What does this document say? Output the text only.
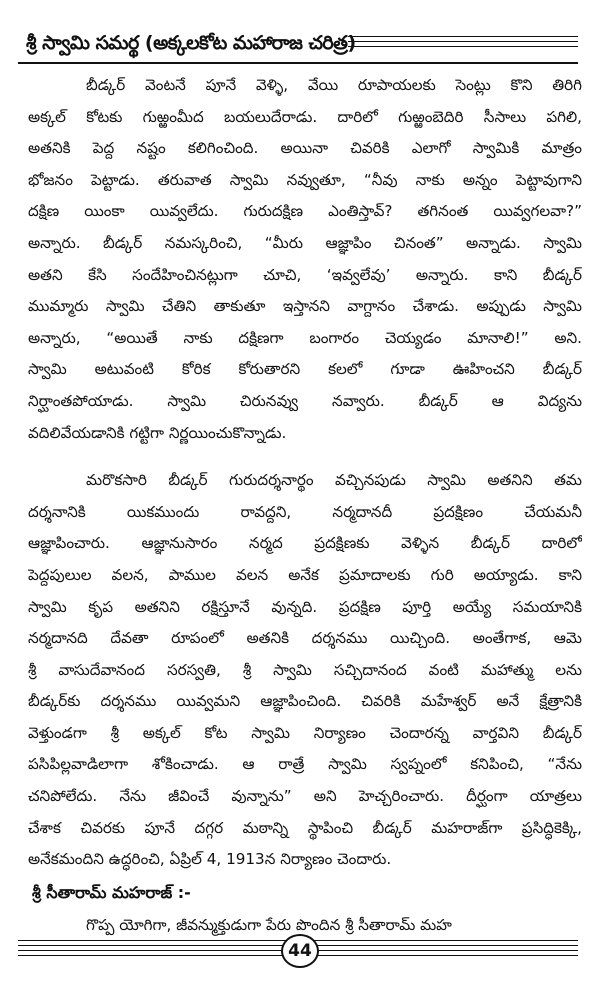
శ్రీ స్వామి సమర్థ (అక్కలకోట మహారాజ చరిత్ర)
బీడ్కర్ వెంటనే పూనే వెళ్ళి, వేయి రూపాయలకు సెంట్లు కొని తిరిగి
అక్కల్ కోటకు గుఱ్ఱంమీద బయలుదేరాడు. దారిలో గుఱ్ఱంబెదిరి సీసాలు పగిలి,
అతనికి పెద్ద నష్టం కలిగించింది. అయినా చివరికి ఎలాగో స్వామికి మాత్రం
భోజనం పెట్టాడు. తరువాత స్వామి నవ్వుతూ, “నీవు నాకు అన్నం పెట్టావుగాని
దక్షిణ యింకా యివ్వలేదు. గురుదక్షిణ ఎంతిస్తావ్? తగినంత యివ్వగలవా?”
అన్నారు. బీడ్కర్ నమస్కరించి, “మీరు ఆజ్ఞాపిం చినంత” అన్నాడు. స్వామి
అతని కేసి సందేహించినట్లుగా చూచి, ‘ఇవ్వలేవు’ అన్నారు. కాని బీడ్కర్
ముమ్మారు స్వామి చేతిని తాకుతూ ఇస్తానని వాగ్దానం చేశాడు. అప్పుడు స్వామి
అన్నారు, “అయితే నాకు దక్షిణగా బంగారం చెయ్యడం మానాలి!” అని.
స్వామి అటువంటి కోరిక కోరుతారని కలలో గూడా ఊహించని బీడ్కర్
నిర్ఘాంతపోయాడు. స్వామి చిరునవ్వు నవ్వారు. బీడ్కర్ ఆ విద్యను
వదిలివేయడానికి గట్టిగా నిర్ణయించుకొన్నాడు.
మరొకసారి బీడ్కర్ గురుదర్శనార్థం వచ్చినపుడు స్వామి అతనిని తమ
దర్శనానికి యికముందు రావద్దని, నర్మదానదీ ప్రదక్షిణం చేయమనీ
ఆజ్ఞాపించారు. ఆజ్ఞానుసారం నర్మద ప్రదక్షిణకు వెళ్ళిన బీడ్కర్ దారిలో
పెద్దపులుల వలన, పాముల వలన అనేక ప్రమాదాలకు గురి అయ్యాడు. కాని
స్వామి కృప అతనిని రక్షిస్తూనే వున్నది. ప్రదక్షిణ పూర్తి అయ్యే సమయానికి
నర్మదానది దేవతా రూపంలో అతనికి దర్శనము యిచ్చింది. అంతేగాక, ఆమె
శ్రీ వాసుదేవానంద సరస్వతి, శ్రీ స్వామి సచ్చిదానంద వంటి మహాత్ము లను
బీడ్కర్‌కు దర్శనము యివ్వమని ఆజ్ఞాపించింది. చివరికి మహేశ్వర్ అనే క్షేత్రానికి
వెళ్తుండగా శ్రీ అక్కల్ కోట స్వామి నిర్యాణం చెందారన్న వార్తవిని బీడ్కర్
పసిపిల్లవాడిలాగా శోకించాడు. ఆ రాత్రే స్వామి స్వప్నంలో కనిపించి, “నేను
చనిపోలేదు. నేను జీవించే వున్నాను” అని హెచ్చరించారు. దీర్ఘంగా యాత్రలు
చేశాక చివరకు పూనే దగ్గర మఠాన్ని స్థాపించి బీడ్కర్ మహరాజ్‌గా ప్రసిద్ధికెక్కి,
అనేకమందిని ఉద్ధరించి, ఏప్రిల్ 4, 1913న నిర్యాణం చెందారు.
శ్రీ సీతారామ్ మహరాజ్ :-
గొప్ప యోగిగా, జీవన్ముక్తుడుగా పేరు పొందిన శ్రీ సీతారామ్ మహ
44
